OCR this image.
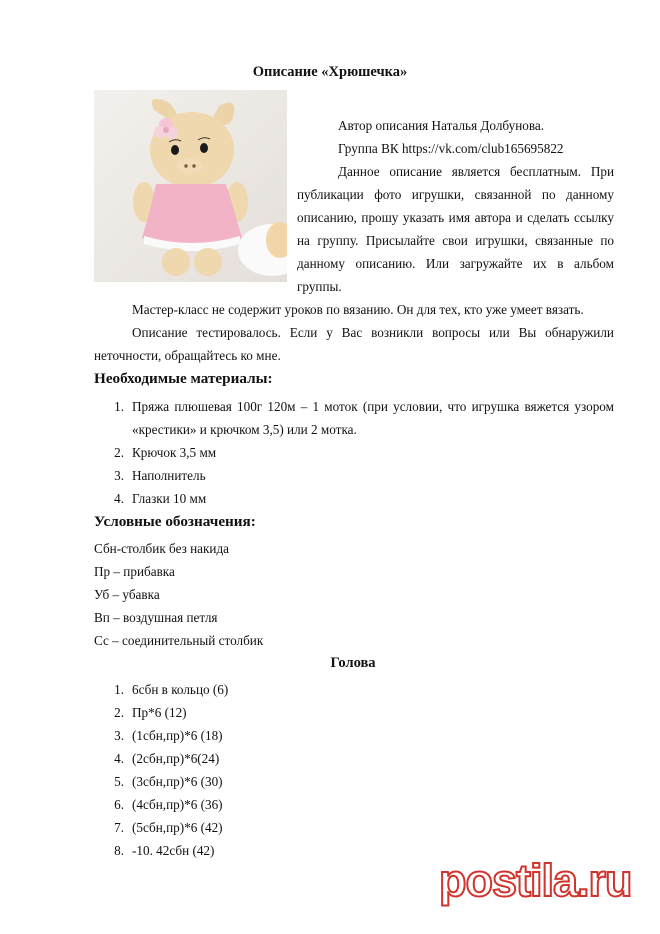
Описание «Хрюшечка»
Автор описания Наталья Долбунова.
Группа ВК https://vk.com/club165695822
Данное описание является бесплатным. При
публикации фото игрушки, связанной по данному
описанию, прошу указать имя автора и сделать ссылку
на группу. Присылайте свои игрушки, связанные по
данному описанию. Или загружайте их в альбом
группы.
Мастер-класс не содержит уроков по вязанию. Он для тех, кто уже умеет вязать.
Описание тестировалось. Если у Вас возникли вопросы или Вы обнаружили
неточности, обращайтесь ко мне.
Необходимые материалы:
1. Пряжа плюшевая 100г 120м – 1 моток (при условии, что игрушка вяжется узором
«крестики» и крючком 3,5) или 2 мотка.
2. Крючок 3,5 мм
3. Наполнитель
4. Глазки 10 мм
Условные обозначения:
Сбн-столбик без накида
Пр – прибавка
Уб – убавка
Вп – воздушная петля
Сс – соединительный столбик
Голова
1. 6сбн в кольцо (6)
2. Пр*6 (12)
3. (1сбн,пр)*6 (18)
4. (2сбн,пр)*6(24)
5. (3сбн,пр)*6 (30)
6. (4сбн,пр)*6 (36)
7. (5сбн,пр)*6 (42)
8. -10. 42сбн (42)
postila.ru
